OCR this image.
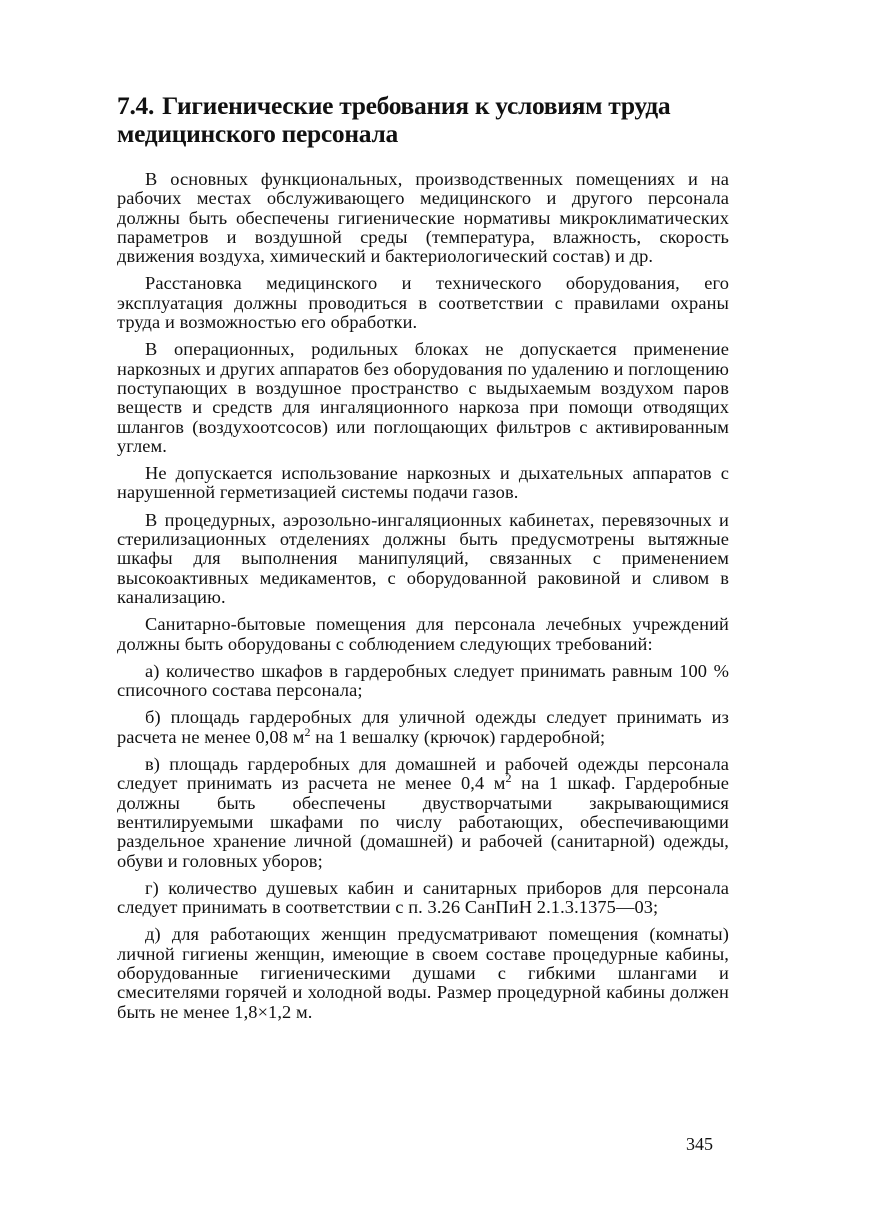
7.4. Гигиенические требования к условиям труда медицинского персонала

В основных функциональных, производственных помещениях и на рабочих местах обслуживающего медицинского и другого персонала должны быть обеспечены гигиенические нормативы микроклиматических параметров и воздушной среды (температура, влажность, скорость движения воздуха, химический и бактериологический состав) и др.

Расстановка медицинского и технического оборудования, его эксплуатация должны проводиться в соответствии с правилами охраны труда и возможностью его обработки.

В операционных, родильных блоках не допускается применение наркозных и других аппаратов без оборудования по удалению и поглощению поступающих в воздушное пространство с выдыхаемым воздухом паров веществ и средств для ингаляционного наркоза при помощи отводящих шлангов (воздухоотсосов) или поглощающих фильтров с активированным углем.

Не допускается использование наркозных и дыхательных аппаратов с нарушенной герметизацией системы подачи газов.

В процедурных, аэрозольно-ингаляционных кабинетах, перевязочных и стерилизационных отделениях должны быть предусмотрены вытяжные шкафы для выполнения манипуляций, связанных с применением высокоактивных медикаментов, с оборудованной раковиной и сливом в канализацию.

Санитарно-бытовые помещения для персонала лечебных учреждений должны быть оборудованы с соблюдением следующих требований:

а) количество шкафов в гардеробных следует принимать равным 100 % списочного состава персонала;

б) площадь гардеробных для уличной одежды следует принимать из расчета не менее 0,08 $м^2$ на 1 вешалку (крючок) гардеробной;

в) площадь гардеробных для домашней и рабочей одежды персонала следует принимать из расчета не менее 0,4 $м^2$ на 1 шкаф. Гардеробные должны быть обеспечены двустворчатыми закрывающимися вентилируемыми шкафами по числу работающих, обеспечивающими раздельное хранение личной (домашней) и рабочей (санитарной) одежды, обуви и головных уборов;

г) количество душевых кабин и санитарных приборов для персонала следует принимать в соответствии с п. 3.26 СанПиН 2.1.3.1375—03;

д) для работающих женщин предусматривают помещения (комнаты) личной гигиены женщин, имеющие в своем составе процедурные кабины, оборудованные гигиеническими душами с гибкими шлангами и смесителями горячей и холодной воды. Размер процедурной кабины должен быть не менее 1,8×1,2 м.

345
